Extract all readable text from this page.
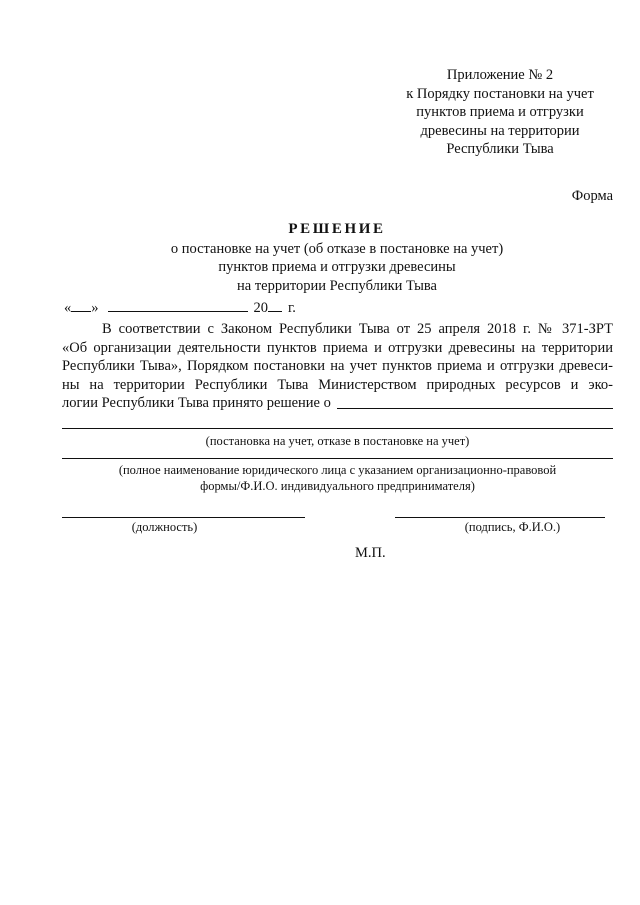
Приложение № 2
к Порядку постановки на учет
пунктов приема и отгрузки
древесины на территории
Республики Тыва
Форма
РЕШЕНИЕ
о постановке на учет (об отказе в постановке на учет)
пунктов приема и отгрузки древесины
на территории Республики Тыва
« »	20 г.
В соответствии с Законом Республики Тыва от 25 апреля 2018 г. № 371-ЗРТ
«Об организации деятельности пунктов приема и отгрузки древесины на территории
Республики Тыва», Порядком постановки на учет пунктов приема и отгрузки древеси-
ны на территории Республики Тыва Министерством природных ресурсов и эко-
логии Республики Тыва принято решение о
(постановка на учет, отказе в постановке на учет)
(полное наименование юридического лица с указанием организационно-правовой
формы/Ф.И.О. индивидуального предпринимателя)
(должность)	(подпись, Ф.И.О.)
М.П.
